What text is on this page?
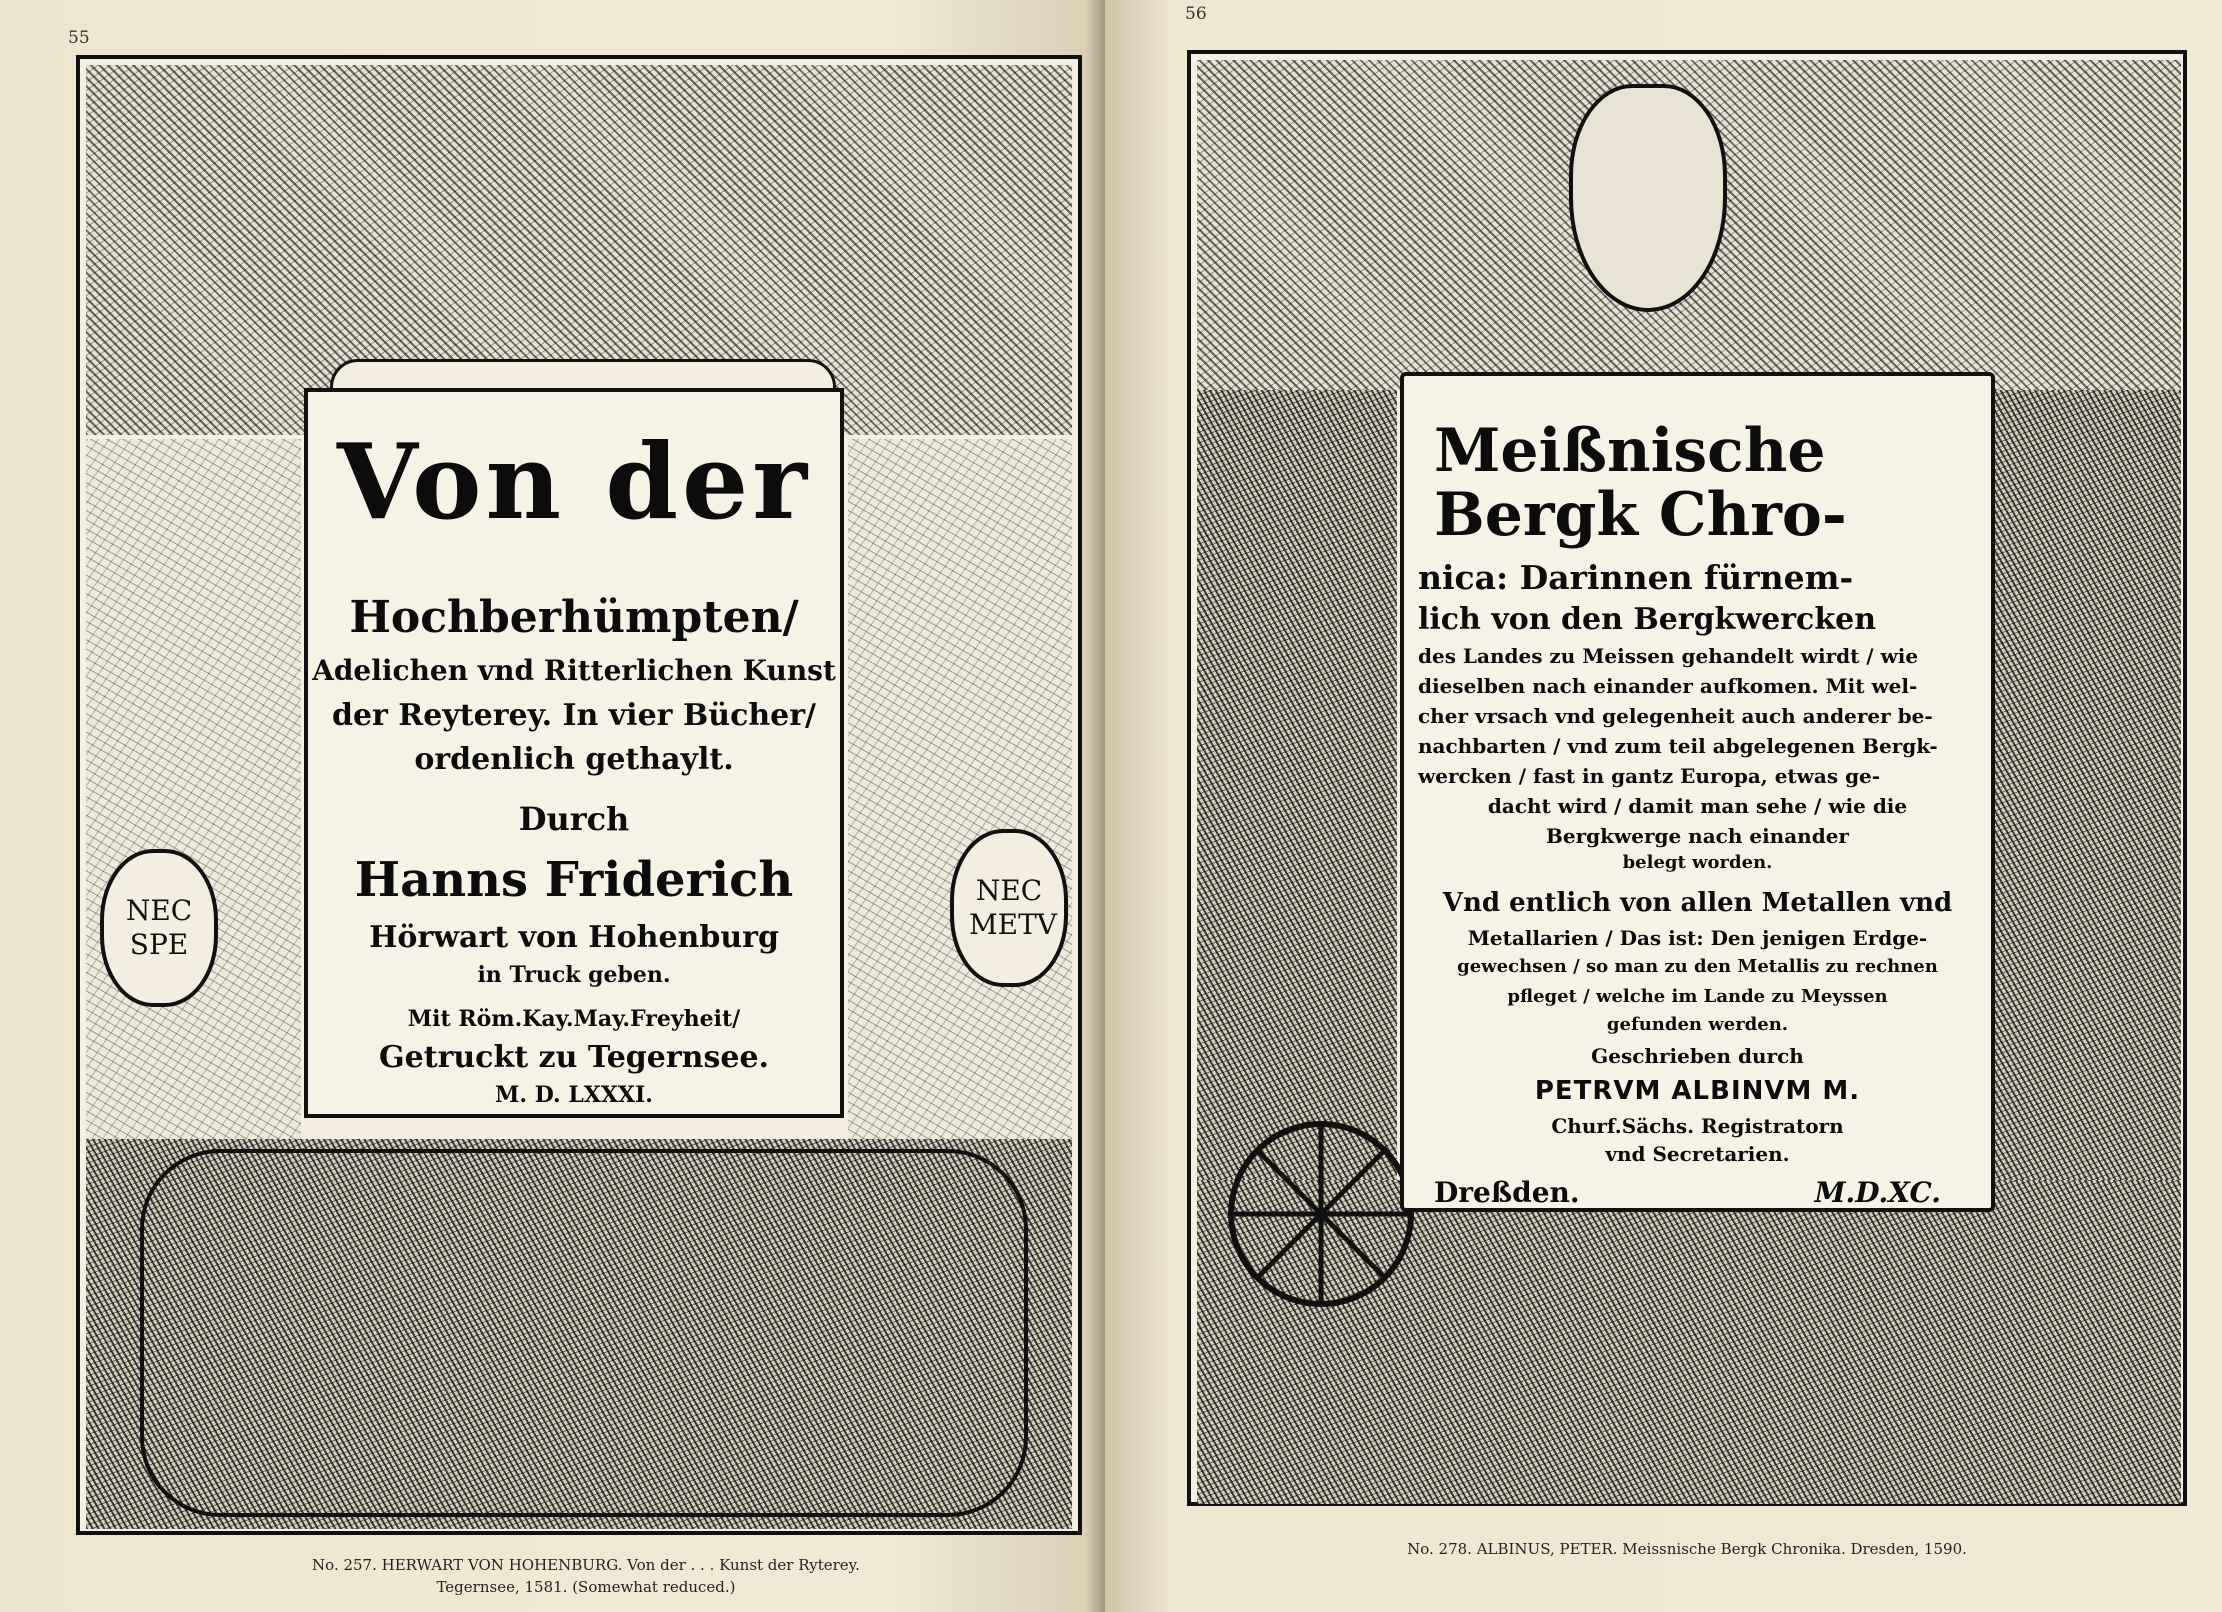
55
NEC SPE
NEC METV
Von der
Hochberhümpten/
Adelichen vnd Ritterlichen Kunst
der Reyterey. In vier Bücher/
ordenlich gethaylt.
Durch
Hanns Friderich
Hörwart von Hohenburg
in Truck geben.
Mit Röm.Kay.May.Freyheit/
Getruckt zu Tegernsee.
M. D. LXXXI.
No. 257. HERWART VON HOHENBURG. Von der . . . Kunst der Ryterey.
Tegernsee, 1581. (Somewhat reduced.)
56
Meißnische
Bergk Chro-
nica: Darinnen fürnem-
lich von den Bergkwercken
des Landes zu Meissen gehandelt wirdt / wie
dieselben nach einander aufkomen. Mit wel-
cher vrsach vnd gelegenheit auch anderer be-
nachbarten / vnd zum teil abgelegenen Bergk-
wercken / fast in gantz Europa, etwas ge-
dacht wird / damit man sehe / wie die
Bergkwerge nach einander
belegt worden.
Vnd entlich von allen Metallen vnd
Metallarien / Das ist: Den jenigen Erdge-
gewechsen / so man zu den Metallis zu rechnen
pfleget / welche im Lande zu Meyssen
gefunden werden.
Geschrieben durch
PETRVM ALBINVM M.
Churf.Sächs. Registratorn
vnd Secretarien.
Dreßden.	M.D.XC.
No. 278. ALBINUS, PETER. Meissnische Bergk Chronika. Dresden, 1590.
